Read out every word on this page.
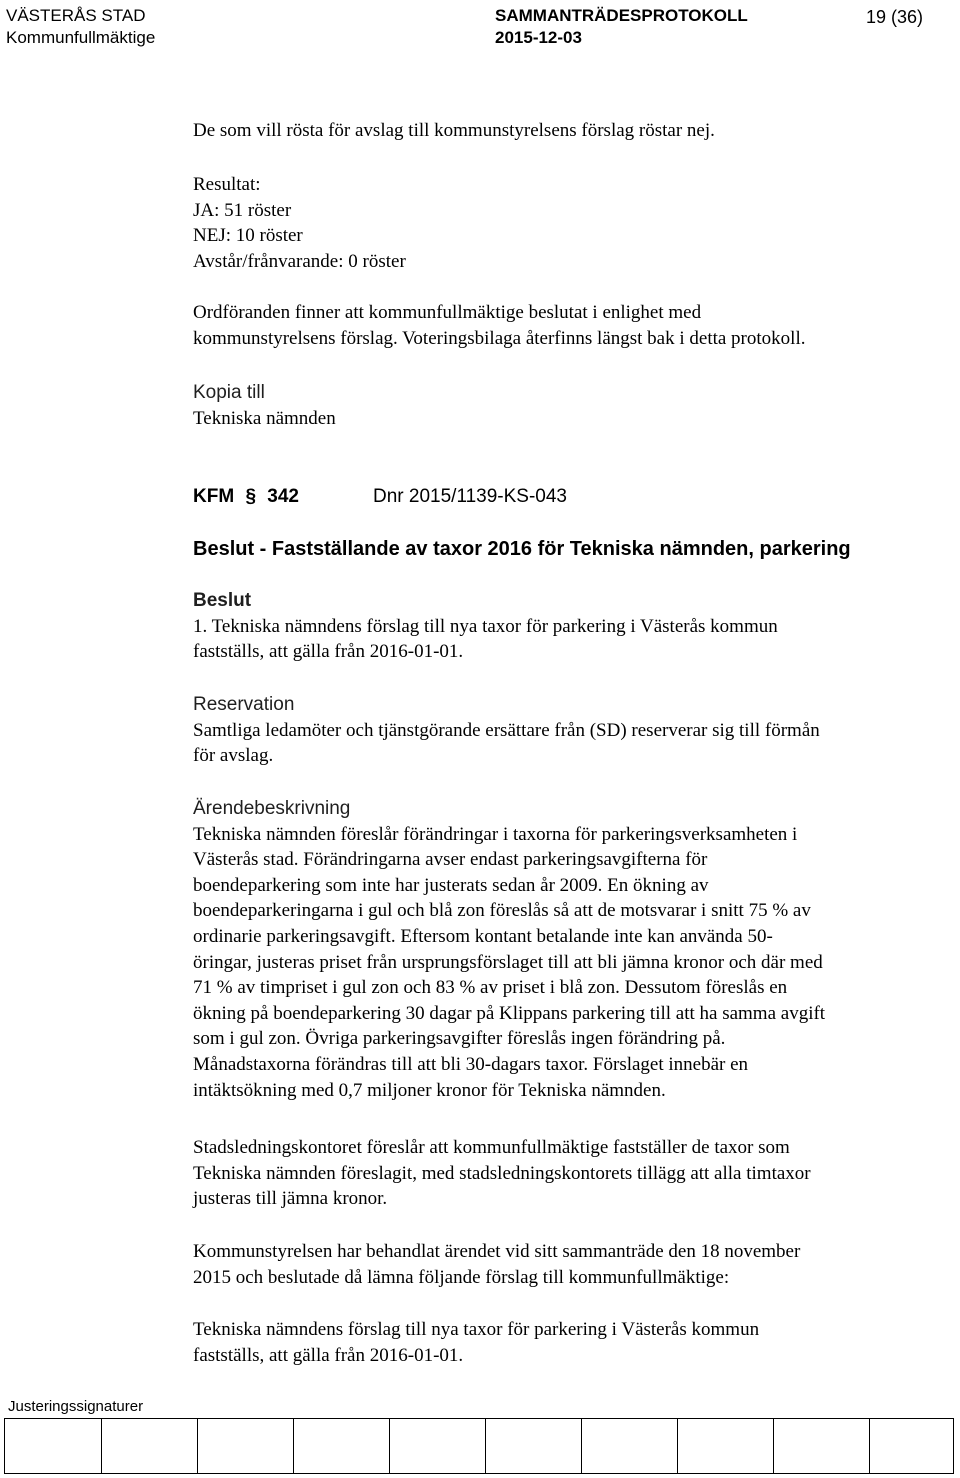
VÄSTERÅS STAD
Kommunfullmäktige
SAMMANTRÄDESPROTOKOLL
2015-12-03
19 (36)
De som vill rösta för avslag till kommunstyrelsens förslag röstar nej.
Resultat:
JA: 51 röster
NEJ: 10 röster
Avstår/frånvarande: 0 röster
Ordföranden finner att kommunfullmäktige beslutat i enlighet med
kommunstyrelsens förslag. Voteringsbilaga återfinns längst bak i detta protokoll.
Kopia till
Tekniska nämnden
KFM § 342	Dnr 2015/1139-KS-043
Beslut - Fastställande av taxor 2016 för Tekniska nämnden, parkering
Beslut
1. Tekniska nämndens förslag till nya taxor för parkering i Västerås kommun
fastställs, att gälla från 2016-01-01.
Reservation
Samtliga ledamöter och tjänstgörande ersättare från (SD) reserverar sig till förmån
för avslag.
Ärendebeskrivning
Tekniska nämnden föreslår förändringar i taxorna för parkeringsverksamheten i
Västerås stad. Förändringarna avser endast parkeringsavgifterna för
boendeparkering som inte har justerats sedan år 2009. En ökning av
boendeparkeringarna i gul och blå zon föreslås så att de motsvarar i snitt 75 % av
ordinarie parkeringsavgift. Eftersom kontant betalande inte kan använda 50-
öringar, justeras priset från ursprungsförslaget till att bli jämna kronor och där med
71 % av timpriset i gul zon och 83 % av priset i blå zon. Dessutom föreslås en
ökning på boendeparkering 30 dagar på Klippans parkering till att ha samma avgift
som i gul zon. Övriga parkeringsavgifter föreslås ingen förändring på.
Månadstaxorna förändras till att bli 30-dagars taxor. Förslaget innebär en
intäktsökning med 0,7 miljoner kronor för Tekniska nämnden.
Stadsledningskontoret föreslår att kommunfullmäktige fastställer de taxor som
Tekniska nämnden föreslagit, med stadsledningskontorets tillägg att alla timtaxor
justeras till jämna kronor.
Kommunstyrelsen har behandlat ärendet vid sitt sammanträde den 18 november
2015 och beslutade då lämna följande förslag till kommunfullmäktige:
Tekniska nämndens förslag till nya taxor för parkering i Västerås kommun
fastställs, att gälla från 2016-01-01.
Justeringssignaturer
